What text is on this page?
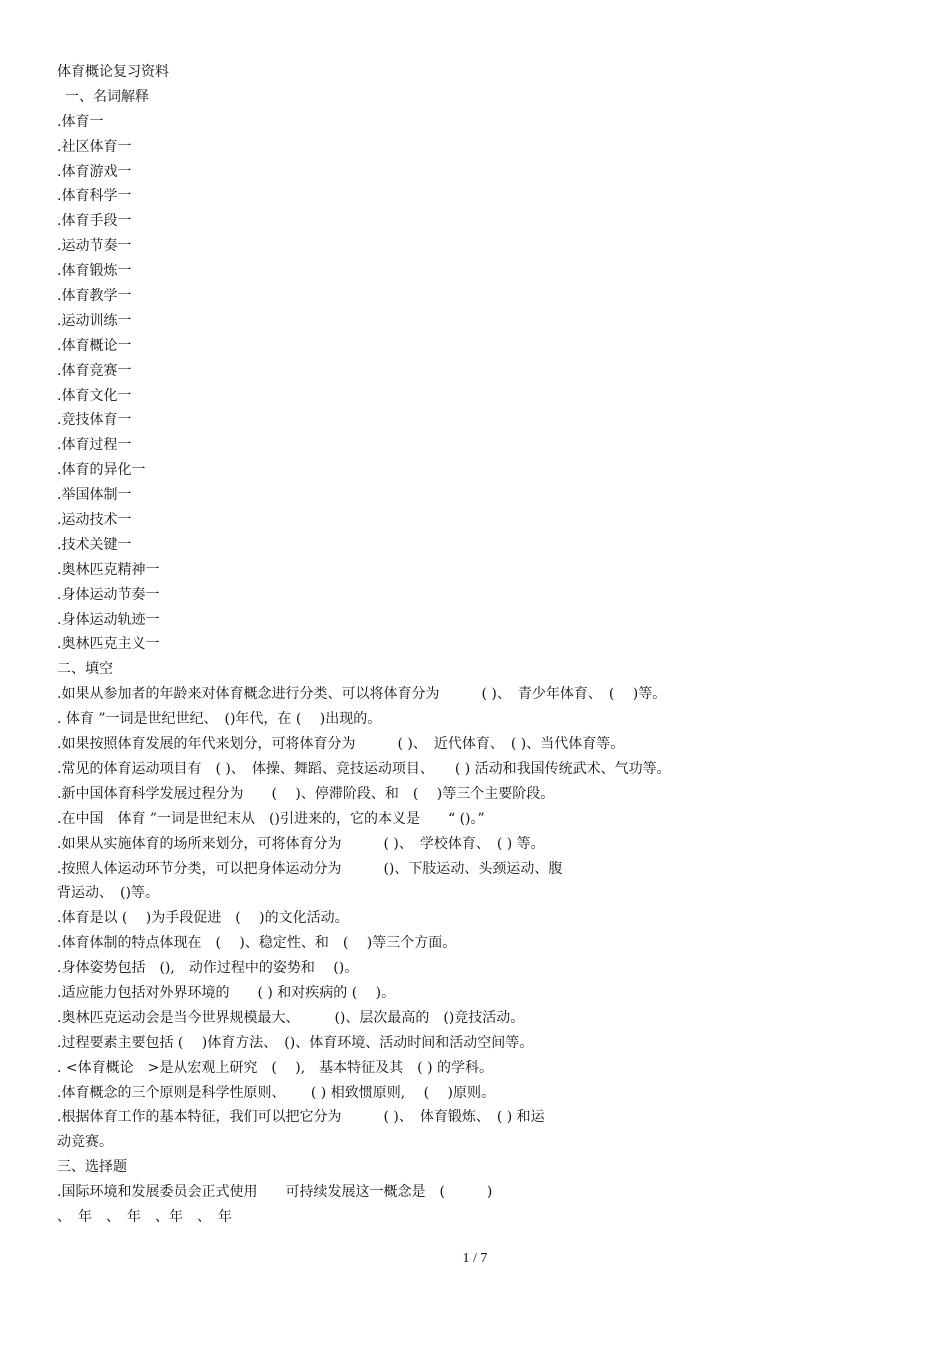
体育概论复习资料
一、名词解释
.体育一
.社区体育一
.体育游戏一
.体育科学一
.体育手段一
.运动节奏一
.体育锻炼一
.体育教学一
.运动训练一
.体育概论一
.体育竞赛一
.体育文化一
.竞技体育一
.体育过程一
.体育的异化一
.举国体制一
.运动技术一
.技术关键一
.奥林匹克精神一
.身体运动节奏一
.身体运动轨迹一
.奥林匹克主义一
二、填空
.如果从参加者的年龄来对体育概念进行分类、可以将体育分为　　　( )、　青少年体育、　(　 )等。
. 体育 ”一词是世纪世纪、　()年代，在 (　 )出现的。
.如果按照体育发展的年代来划分，可将体育分为　　　( )、　近代体育、　( )、当代体育等。
.常见的体育运动项目有　( )、　体操、舞蹈、竞技运动项目、　　( ) 活动和我国传统武术、气功等。
.新中国体育科学发展过程分为　　(　 )、停滞阶段、和　(　 )等三个主要阶段。
.在中国　体育 ”一词是世纪末从　()引进来的，它的本义是　　“ ()。”
.如果从实施体育的场所来划分，可将体育分为　　　( )、　学校体育、　( ) 等。
.按照人体运动环节分类，可以把身体运动分为　　　()、下肢运动、头颈运动、腹
背运动、　()等。
.体育是以 (　 )为手段促进　(　 )的文化活动。
.体育体制的特点体现在　(　 )、稳定性、和　(　 )等三个方面。
.身体姿势包括　(),　动作过程中的姿势和　 ()。
.适应能力包括对外界环境的　　( ) 和对疾病的 (　 )。
.奥林匹克运动会是当今世界规模最大、　　　()、层次最高的　()竞技活动。
.过程要素主要包括 (　 )体育方法、　()、体育环境、活动时间和活动空间等。
. <体育概论　>是从宏观上研究　(　 ),　基本特征及其　( ) 的学科。
.体育概念的三个原则是科学性原则、　　 ( ) 相致惯原则,　 (　 )原则。
.根据体育工作的基本特征，我们可以把它分为　　　( )、　体育锻炼、　( ) 和运
动竞赛。
三、选择题
.国际环境和发展委员会正式使用　　可持续发展这一概念是　(　　　)
、　年　、　年　、年　、　年
1 / 7
